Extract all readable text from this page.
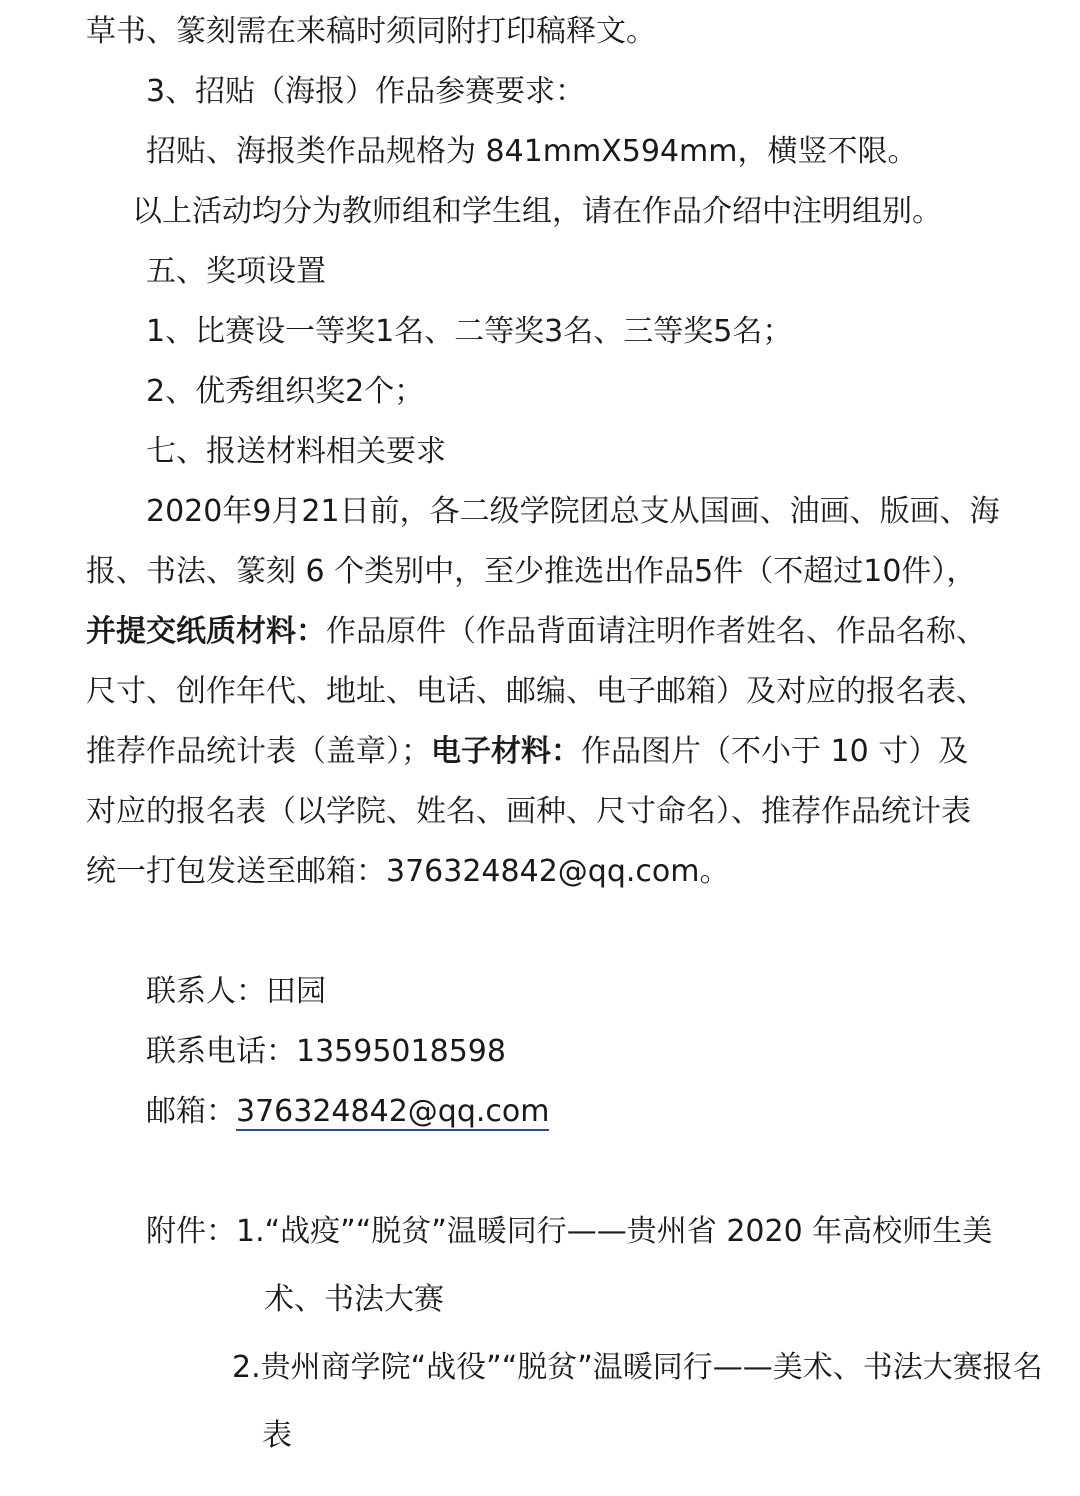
草书、篆刻需在来稿时须同附打印稿释文。
3、招贴（海报）作品参赛要求：
招贴、海报类作品规格为 841mmX594mm，横竖不限。
以上活动均分为教师组和学生组，请在作品介绍中注明组别。
五、奖项设置
1、比赛设一等奖1名、二等奖3名、三等奖5名；
2、优秀组织奖2个；
七、报送材料相关要求
2020年9月21日前，各二级学院团总支从国画、油画、版画、海
报、书法、篆刻 6 个类别中，至少推选出作品5件（不超过10件），
并提交纸质材料：作品原件（作品背面请注明作者姓名、作品名称、
尺寸、创作年代、地址、电话、邮编、电子邮箱）及对应的报名表、
推荐作品统计表（盖章）；电子材料：作品图片（不小于 10 寸）及
对应的报名表（以学院、姓名、画种、尺寸命名）、推荐作品统计表
统一打包发送至邮箱：376324842@qq.com。
联系人：田园
联系电话：13595018598
邮箱：376324842@qq.com
附件：1.“战疫”“脱贫”温暖同行——贵州省 2020 年高校师生美
术、书法大赛
2.贵州商学院“战役”“脱贫”温暖同行——美术、书法大赛报名
表
